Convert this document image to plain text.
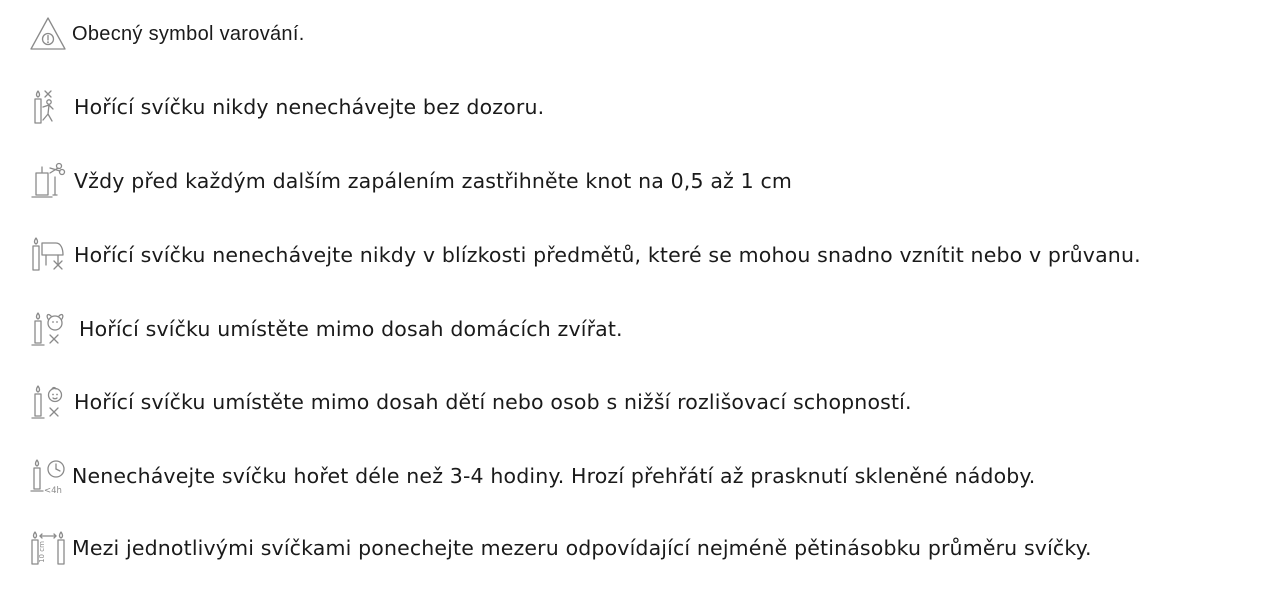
Obecný symbol varování.
Hořící svíčku nikdy nenechávejte bez dozoru.
Vždy před každým dalším zapálením zastřihněte knot na 0,5 až 1 cm
Hořící svíčku nenechávejte nikdy v blízkosti předmětů, které se mohou snadno vznítit nebo v průvanu.
Hořící svíčku umístěte mimo dosah domácích zvířat.
Hořící svíčku umístěte mimo dosah dětí nebo osob s nižší rozlišovací schopností.
<4h
Nenechávejte svíčku hořet déle než 3-4 hodiny. Hrozí přehřátí až prasknutí skleněné nádoby.
10 cm Mezi jednotlivými svíčkami ponechejte mezeru odpovídající nejméně pětinásobku průměru svíčky.
